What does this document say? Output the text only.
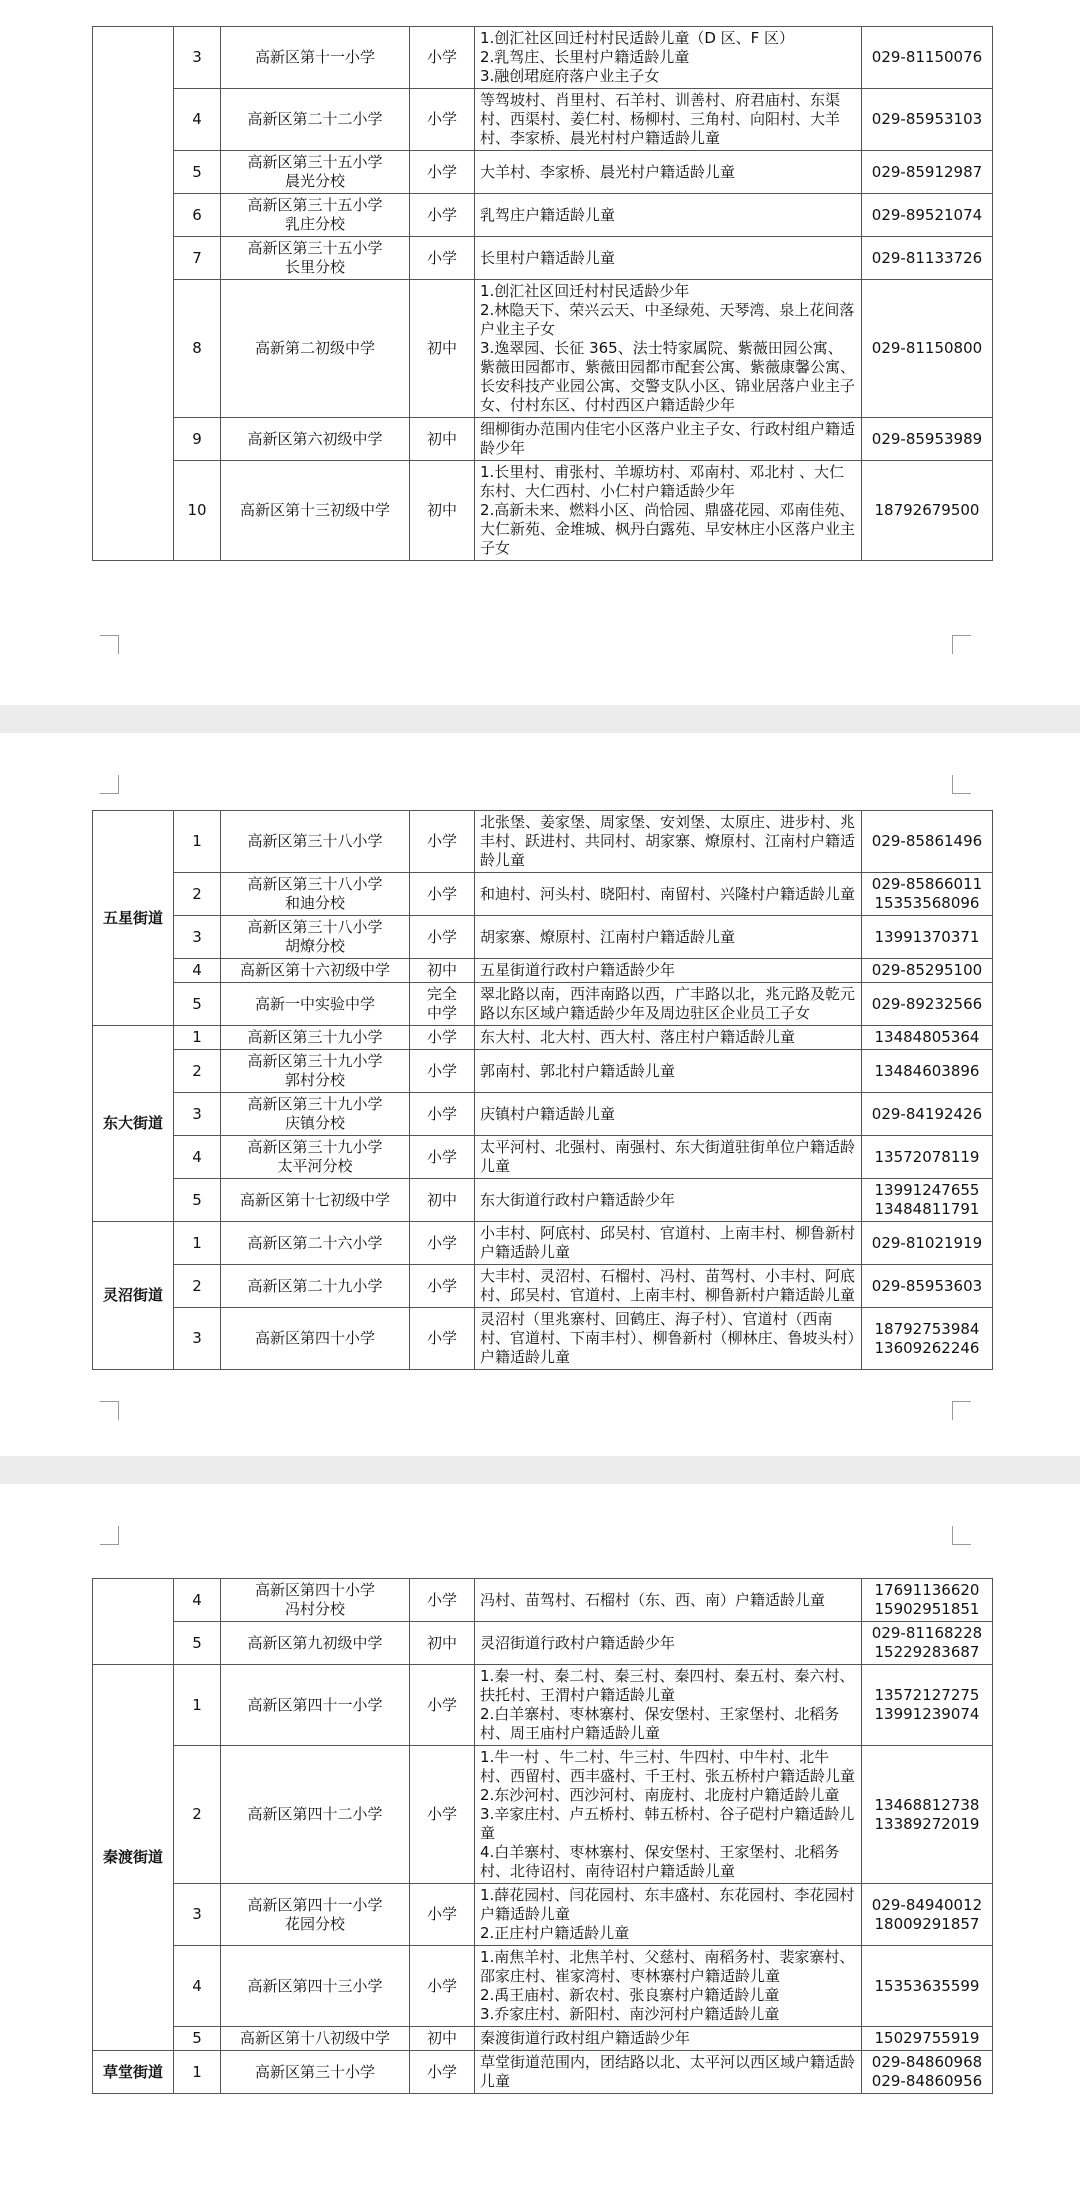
	3	高新区第十一小学	小学	1.创汇社区回迁村村民适龄儿童（D 区、F 区）
2.乳驾庄、长里村户籍适龄儿童
3.融创珺庭府落户业主子女	029-81150076
	4	高新区第二十二小学	小学	等驾坡村、肖里村、石羊村、训善村、府君庙村、东渠村、西渠村、姜仁村、杨柳村、三角村、向阳村、大羊村、李家桥、晨光村村户籍适龄儿童	029-85953103
	5	高新区第三十五小学
晨光分校	小学	大羊村、李家桥、晨光村户籍适龄儿童	029-85912987
	6	高新区第三十五小学
乳庄分校	小学	乳驾庄户籍适龄儿童	029-89521074
	7	高新区第三十五小学
长里分校	小学	长里村户籍适龄儿童	029-81133726
	8	高新第二初级中学	初中	1.创汇社区回迁村村民适龄少年
2.林隐天下、荣兴云天、中圣绿苑、天琴湾、泉上花间落户业主子女
3.逸翠园、长征 365、法士特家属院、紫薇田园公寓、紫薇田园都市、紫薇田园都市配套公寓、紫薇康馨公寓、长安科技产业园公寓、交警支队小区、锦业居落户业主子女、付村东区、付村西区户籍适龄少年	029-81150800
	9	高新区第六初级中学	初中	细柳街办范围内佳宅小区落户业主子女、行政村组户籍适龄少年	029-85953989
	10	高新区第十三初级中学	初中	1.长里村、甫张村、羊塬坊村、邓南村、邓北村 、大仁东村、大仁西村、小仁村户籍适龄少年
2.高新未来、燃料小区、尚恰园、鼎盛花园、邓南佳苑、大仁新苑、金堆城、枫丹白露苑、早安林庄小区落户业主子女	18792679500
五星街道	1	高新区第三十八小学	小学	北张堡、姜家堡、周家堡、安刘堡、太原庄、进步村、兆丰村、跃进村、共同村、胡家寨、燎原村、江南村户籍适龄儿童	029-85861496
	2	高新区第三十八小学
和迪分校	小学	和迪村、河头村、晓阳村、南留村、兴隆村户籍适龄儿童	029-85866011
15353568096
	3	高新区第三十八小学
胡燎分校	小学	胡家寨、燎原村、江南村户籍适龄儿童	13991370371
	4	高新区第十六初级中学	初中	五星街道行政村户籍适龄少年	029-85295100
	5	高新一中实验中学	完全
中学	翠北路以南，西沣南路以西，广丰路以北，兆元路及乾元路以东区域户籍适龄少年及周边驻区企业员工子女	029-89232566
东大街道	1	高新区第三十九小学	小学	东大村、北大村、西大村、落庄村户籍适龄儿童	13484805364
	2	高新区第三十九小学
郭村分校	小学	郭南村、郭北村户籍适龄儿童	13484603896
	3	高新区第三十九小学
庆镇分校	小学	庆镇村户籍适龄儿童	029-84192426
	4	高新区第三十九小学
太平河分校	小学	太平河村、北强村、南强村、东大街道驻街单位户籍适龄儿童	13572078119
	5	高新区第十七初级中学	初中	东大街道行政村户籍适龄少年	13991247655
13484811791
灵沼街道	1	高新区第二十六小学	小学	小丰村、阿底村、邱吴村、官道村、上南丰村、柳鲁新村户籍适龄儿童	029-81021919
	2	高新区第二十九小学	小学	大丰村、灵沼村、石榴村、冯村、苗驾村、小丰村、阿底村、邱吴村、官道村、上南丰村、柳鲁新村户籍适龄儿童	029-85953603
	3	高新区第四十小学	小学	灵沼村（里兆寨村、回鹤庄、海子村）、官道村（西南村、官道村、下南丰村）、柳鲁新村（柳林庄、鲁坡头村）户籍适龄儿童	18792753984
13609262246
	4	高新区第四十小学
冯村分校	小学	冯村、苗驾村、石榴村（东、西、南）户籍适龄儿童	17691136620
15902951851
	5	高新区第九初级中学	初中	灵沼街道行政村户籍适龄少年	029-81168228
15229283687
秦渡街道	1	高新区第四十一小学	小学	1.秦一村、秦二村、秦三村、秦四村、秦五村、秦六村、扶托村、王渭村户籍适龄儿童
2.白羊寨村、枣林寨村、保安堡村、王家堡村、北稻务村、周王庙村户籍适龄儿童	13572127275
13991239074
	2	高新区第四十二小学	小学	1.牛一村 、牛二村、牛三村、牛四村、中牛村、北牛村、西留村、西丰盛村、千王村、张五桥村户籍适龄儿童
2.东沙河村、西沙河村、南庞村、北庞村户籍适龄儿童
3.辛家庄村、卢五桥村、韩五桥村、谷子硙村户籍适龄儿童
4.白羊寨村、枣林寨村、保安堡村、王家堡村、北稻务村、北待诏村、南待诏村户籍适龄儿童	13468812738
13389272019
	3	高新区第四十一小学
花园分校	小学	1.薛花园村、闫花园村、东丰盛村、东花园村、李花园村户籍适龄儿童
2.正庄村户籍适龄儿童	029-84940012
18009291857
	4	高新区第四十三小学	小学	1.南焦羊村、北焦羊村、父慈村、南稻务村、裴家寨村、邵家庄村、崔家湾村、枣林寨村户籍适龄儿童
2.禹王庙村、新农村、张良寨村户籍适龄儿童
3.乔家庄村、新阳村、南沙河村户籍适龄儿童	15353635599
	5	高新区第十八初级中学	初中	秦渡街道行政村组户籍适龄少年	15029755919
草堂街道	1	高新区第三十小学	小学	草堂街道范围内，团结路以北、太平河以西区域户籍适龄儿童	029-84860968
029-84860956
